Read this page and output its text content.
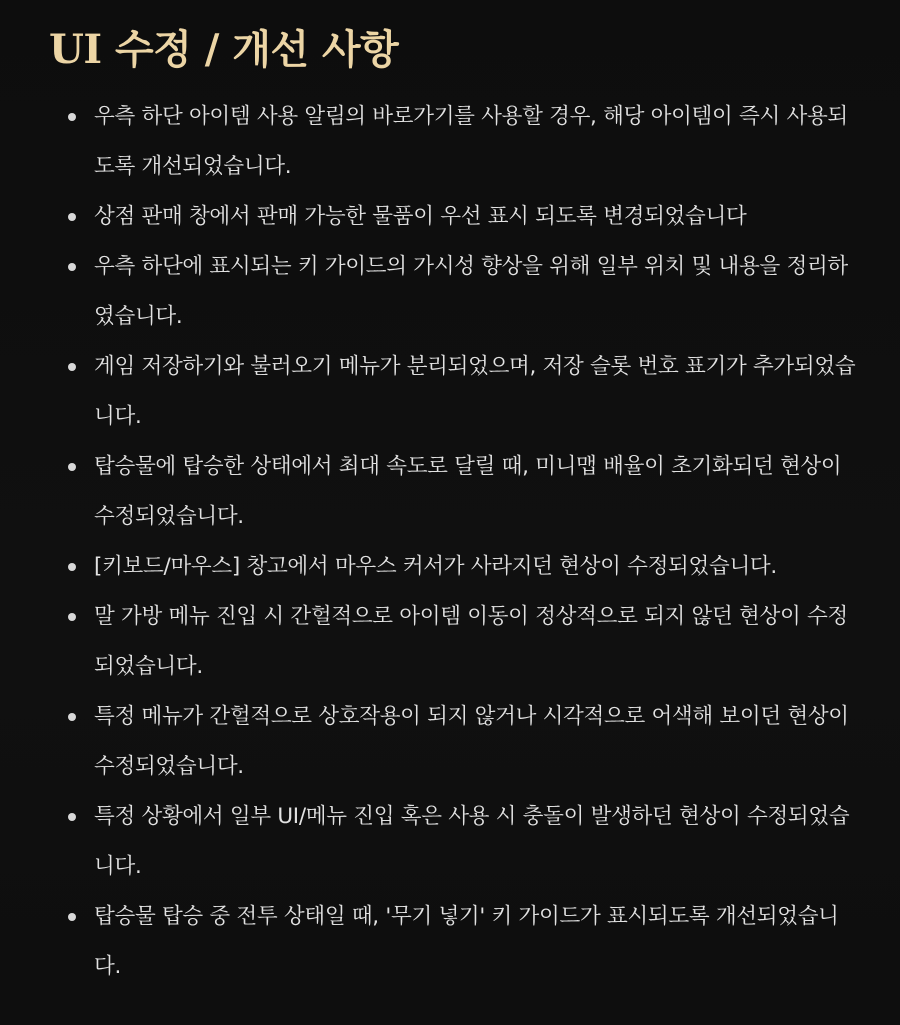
UI 수정 / 개선 사항
우측 하단 아이템 사용 알림의 바로가기를 사용할 경우, 해당 아이템이 즉시 사용되도록 개선되었습니다.
상점 판매 창에서 판매 가능한 물품이 우선 표시 되도록 변경되었습니다
우측 하단에 표시되는 키 가이드의 가시성 향상을 위해 일부 위치 및 내용을 정리하였습니다.
게임 저장하기와 불러오기 메뉴가 분리되었으며, 저장 슬롯 번호 표기가 추가되었습니다.
탑승물에 탑승한 상태에서 최대 속도로 달릴 때, 미니맵 배율이 초기화되던 현상이 수정되었습니다.
[키보드/마우스] 창고에서 마우스 커서가 사라지던 현상이 수정되었습니다.
말 가방 메뉴 진입 시 간헐적으로 아이템 이동이 정상적으로 되지 않던 현상이 수정되었습니다.
특정 메뉴가 간헐적으로 상호작용이 되지 않거나 시각적으로 어색해 보이던 현상이 수정되었습니다.
특정 상황에서 일부 UI/메뉴 진입 혹은 사용 시 충돌이 발생하던 현상이 수정되었습니다.
탑승물 탑승 중 전투 상태일 때, '무기 넣기' 키 가이드가 표시되도록 개선되었습니다.
